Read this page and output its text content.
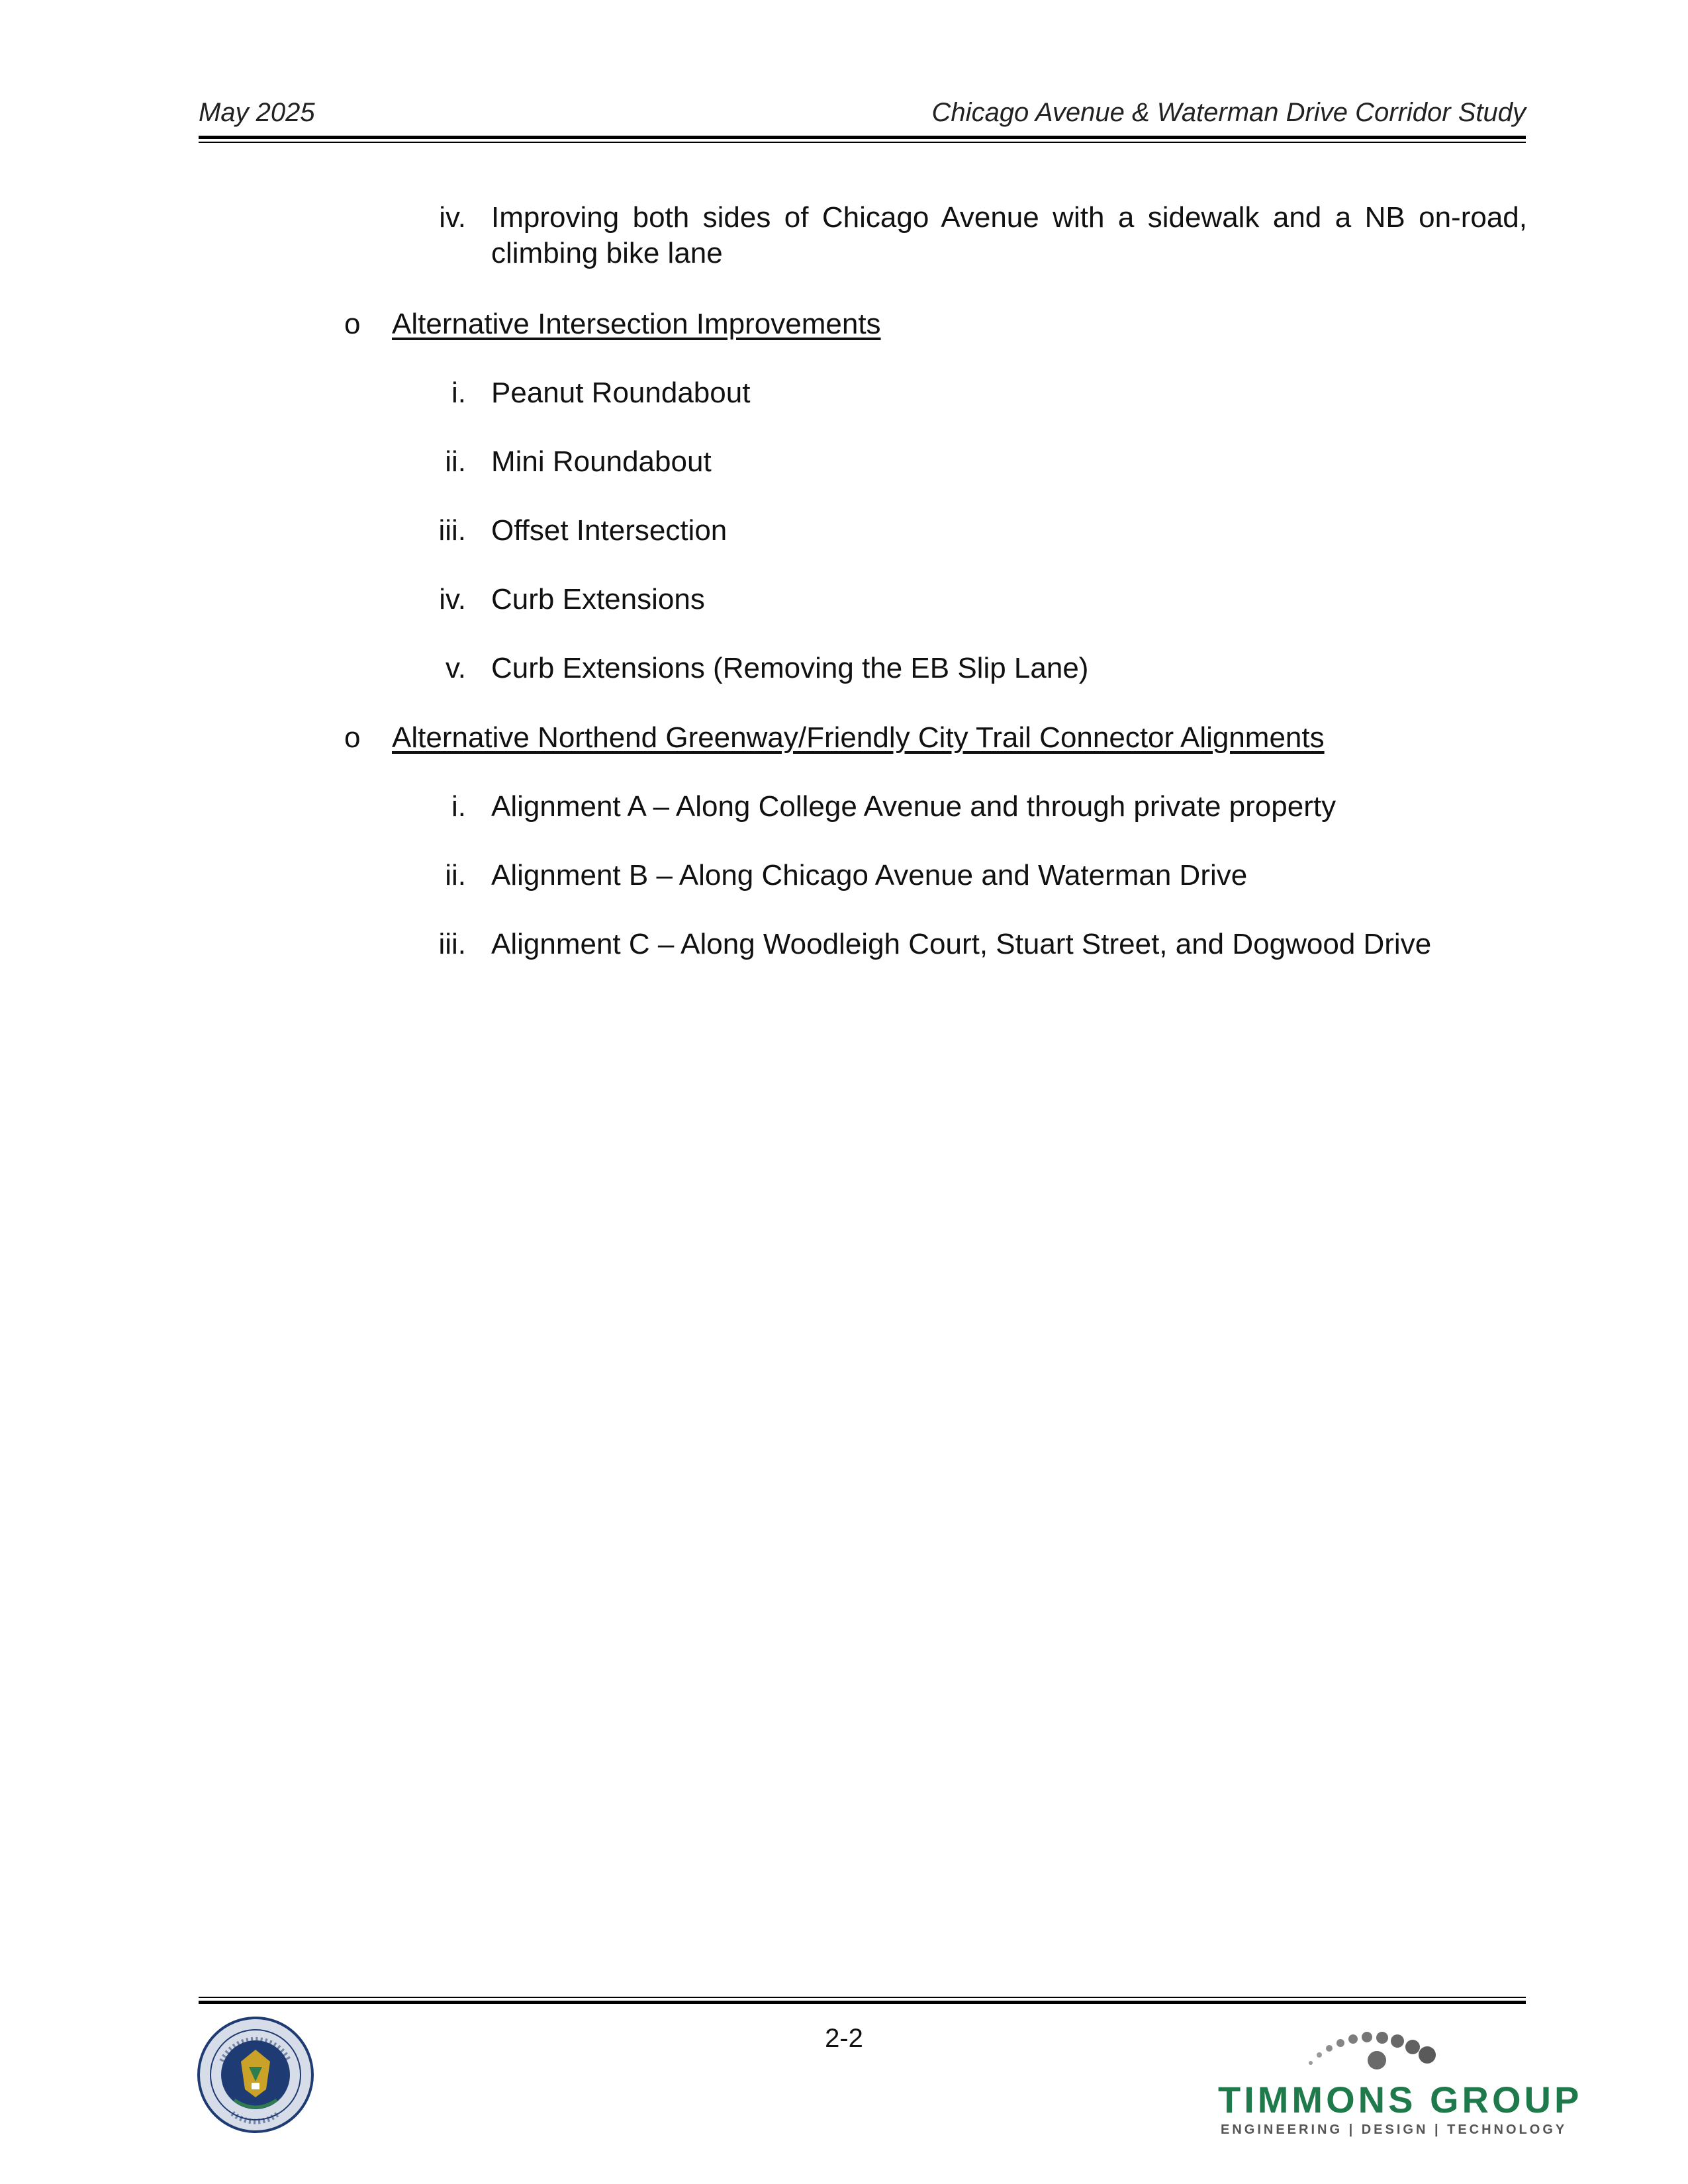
May 2025	Chicago Avenue & Waterman Drive Corridor Study
iv. Improving both sides of Chicago Avenue with a sidewalk and a NB on-road,
climbing bike lane
o Alternative Intersection Improvements
i. Peanut Roundabout
ii. Mini Roundabout
iii. Offset Intersection
iv. Curb Extensions
v. Curb Extensions (Removing the EB Slip Lane)
o Alternative Northend Greenway/Friendly City Trail Connector Alignments
i. Alignment A – Along College Avenue and through private property
ii. Alignment B – Along Chicago Avenue and Waterman Drive
iii. Alignment C – Along Woodleigh Court, Stuart Street, and Dogwood Drive
2-2
TIMMONS GROUP
ENGINEERING | DESIGN | TECHNOLOGY
